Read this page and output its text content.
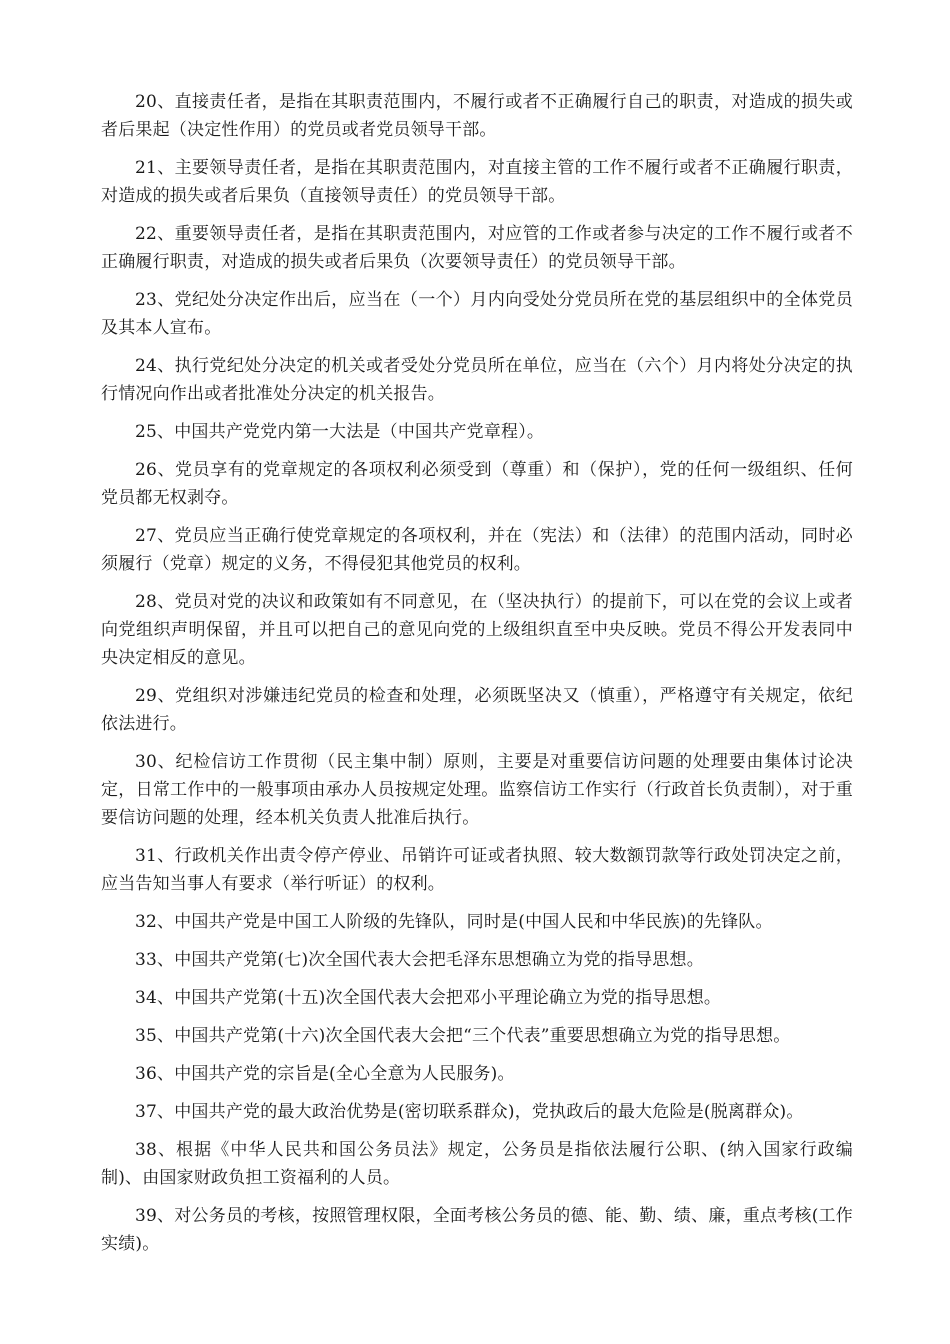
20、直接责任者，是指在其职责范围内，不履行或者不正确履行自己的职责，对造成的损失或者后果起（决定性作用）的党员或者党员领导干部。

21、主要领导责任者，是指在其职责范围内，对直接主管的工作不履行或者不正确履行职责，对造成的损失或者后果负（直接领导责任）的党员领导干部。

22、重要领导责任者，是指在其职责范围内，对应管的工作或者参与决定的工作不履行或者不正确履行职责，对造成的损失或者后果负（次要领导责任）的党员领导干部。

23、党纪处分决定作出后，应当在（一个）月内向受处分党员所在党的基层组织中的全体党员及其本人宣布。

24、执行党纪处分决定的机关或者受处分党员所在单位，应当在（六个）月内将处分决定的执行情况向作出或者批准处分决定的机关报告。

25、中国共产党党内第一大法是（中国共产党章程）。

26、党员享有的党章规定的各项权利必须受到（尊重）和（保护），党的任何一级组织、任何党员都无权剥夺。

27、党员应当正确行使党章规定的各项权利，并在（宪法）和（法律）的范围内活动，同时必须履行（党章）规定的义务，不得侵犯其他党员的权利。

28、党员对党的决议和政策如有不同意见，在（坚决执行）的提前下，可以在党的会议上或者向党组织声明保留，并且可以把自己的意见向党的上级组织直至中央反映。党员不得公开发表同中央决定相反的意见。

29、党组织对涉嫌违纪党员的检查和处理，必须既坚决又（慎重），严格遵守有关规定，依纪依法进行。

30、纪检信访工作贯彻（民主集中制）原则，主要是对重要信访问题的处理要由集体讨论决定，日常工作中的一般事项由承办人员按规定处理。监察信访工作实行（行政首长负责制），对于重要信访问题的处理，经本机关负责人批准后执行。

31、行政机关作出责令停产停业、吊销许可证或者执照、较大数额罚款等行政处罚决定之前，应当告知当事人有要求（举行听证）的权利。

32、中国共产党是中国工人阶级的先锋队，同时是(中国人民和中华民族)的先锋队。

33、中国共产党第(七)次全国代表大会把毛泽东思想确立为党的指导思想。

34、中国共产党第(十五)次全国代表大会把邓小平理论确立为党的指导思想。

35、中国共产党第(十六)次全国代表大会把“三个代表”重要思想确立为党的指导思想。

36、中国共产党的宗旨是(全心全意为人民服务)。

37、中国共产党的最大政治优势是(密切联系群众)，党执政后的最大危险是(脱离群众)。

38、根据《中华人民共和国公务员法》规定，公务员是指依法履行公职、(纳入国家行政编制)、由国家财政负担工资福利的人员。

39、对公务员的考核，按照管理权限，全面考核公务员的德、能、勤、绩、廉，重点考核(工作实绩)。
